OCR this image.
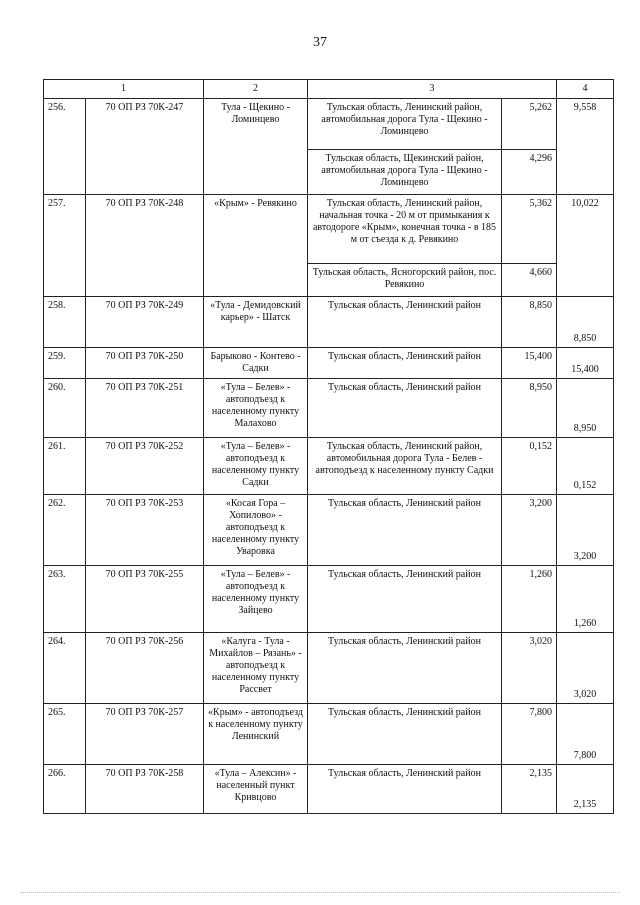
37
1		2	3		4
256.	70 ОП РЗ 70К-247	Тула - Щекино - Ломинцево	Тульская область, Ленинский район, автомобильная дорога Тула - Щекино - Ломинцево	5,262	9,558
			Тульская область, Щекинский район, автомобильная дорога Тула - Щекино - Ломинцево	4,296	
257.	70 ОП РЗ 70К-248	«Крым» - Ревякино	Тульская область, Ленинский район, начальная точка - 20 м от примыкания к автодороге «Крым», конечная точка - в 185 м от съезда к д. Ревякино	5,362	10,022
			Тульская область, Ясногорский район, пос. Ревякино	4,660	
258.	70 ОП РЗ 70К-249	«Тула - Демидовский карьер» - Шатск	Тульская область, Ленинский район	8,850	8,850
259.	70 ОП РЗ 70К-250	Барыково - Контево - Садки	Тульская область, Ленинский район	15,400	15,400
260.	70 ОП РЗ 70К-251	«Тула – Белев» - автоподъезд к населенному пункту Малахово	Тульская область, Ленинский район	8,950	8,950
261.	70 ОП РЗ 70К-252	«Тула – Белев» - автоподъезд к населенному пункту Садки	Тульская область, Ленинский район, автомобильная дорога Тула - Белев - автоподъезд к населенному пункту Садки	0,152	0,152
262.	70 ОП РЗ 70К-253	«Косая Гора – Хопилово» - автоподъезд к населенному пункту Уваровка	Тульская область, Ленинский район	3,200	3,200
263.	70 ОП РЗ 70К-255	«Тула – Белев» - автоподъезд к населенному пункту Зайцево	Тульская область, Ленинский район	1,260	1,260
264.	70 ОП РЗ 70К-256	«Калуга - Тула - Михайлов – Рязань» - автоподъезд к населенному пункту Рассвет	Тульская область, Ленинский район	3,020	3,020
265.	70 ОП РЗ 70К-257	«Крым» - автоподъезд к населенному пункту Ленинский	Тульская область, Ленинский район	7,800	7,800
266.	70 ОП РЗ 70К-258	«Тула – Алексин» - населенный пункт Кривцово	Тульская область, Ленинский район	2,135	2,135
